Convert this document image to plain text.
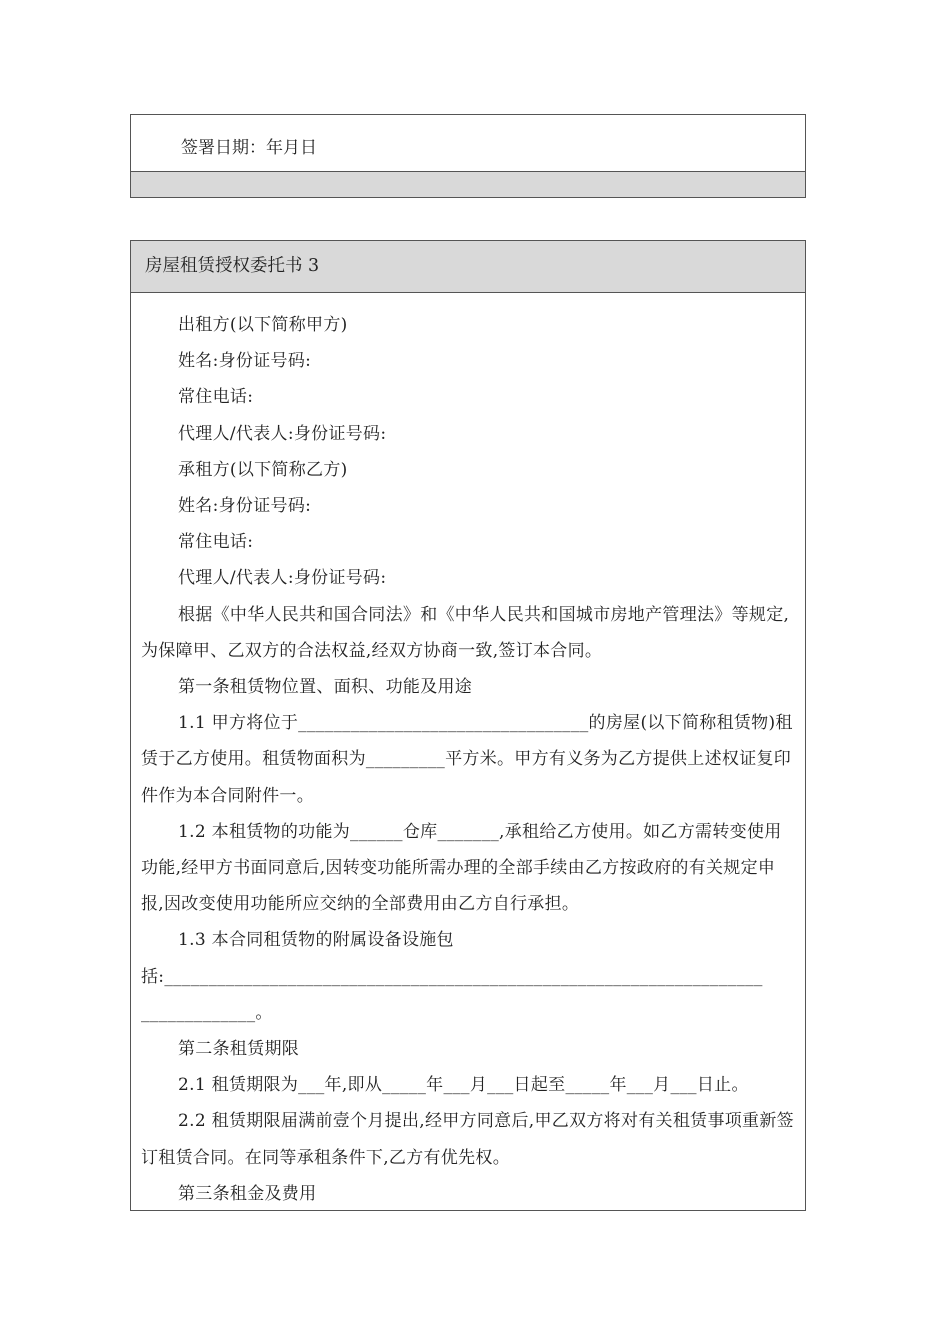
签署日期：年月日
房屋租赁授权委托书 3

出租方(以下简称甲方)

姓名:身份证号码:

常住电话:

代理人/代表人:身份证号码:

承租方(以下简称乙方)

姓名:身份证号码:

常住电话:

代理人/代表人:身份证号码:

根据《中华人民共和国合同法》和《中华人民共和国城市房地产管理法》等规定,为保障甲、乙双方的合法权益,经双方协商一致,签订本合同。

第一条租赁物位置、面积、功能及用途

1.1 甲方将位于_________________________________的房屋(以下简称租赁物)租赁于乙方使用。租赁物面积为_________平方米。甲方有义务为乙方提供上述权证复印件作为本合同附件一。

1.2 本租赁物的功能为______仓库_______,承租给乙方使用。如乙方需转变使用功能,经甲方书面同意后,因转变功能所需办理的全部手续由乙方按政府的有关规定申报,因改变使用功能所应交纳的全部费用由乙方自行承担。

1.3 本合同租赁物的附属设备设施包

括:____________________________________________________________________

_____________。

第二条租赁期限

2.1 租赁期限为___年,即从_____年___月___日起至_____年___月___日止。

2.2 租赁期限届满前壹个月提出,经甲方同意后,甲乙双方将对有关租赁事项重新签订租赁合同。在同等承租条件下,乙方有优先权。

第三条租金及费用
